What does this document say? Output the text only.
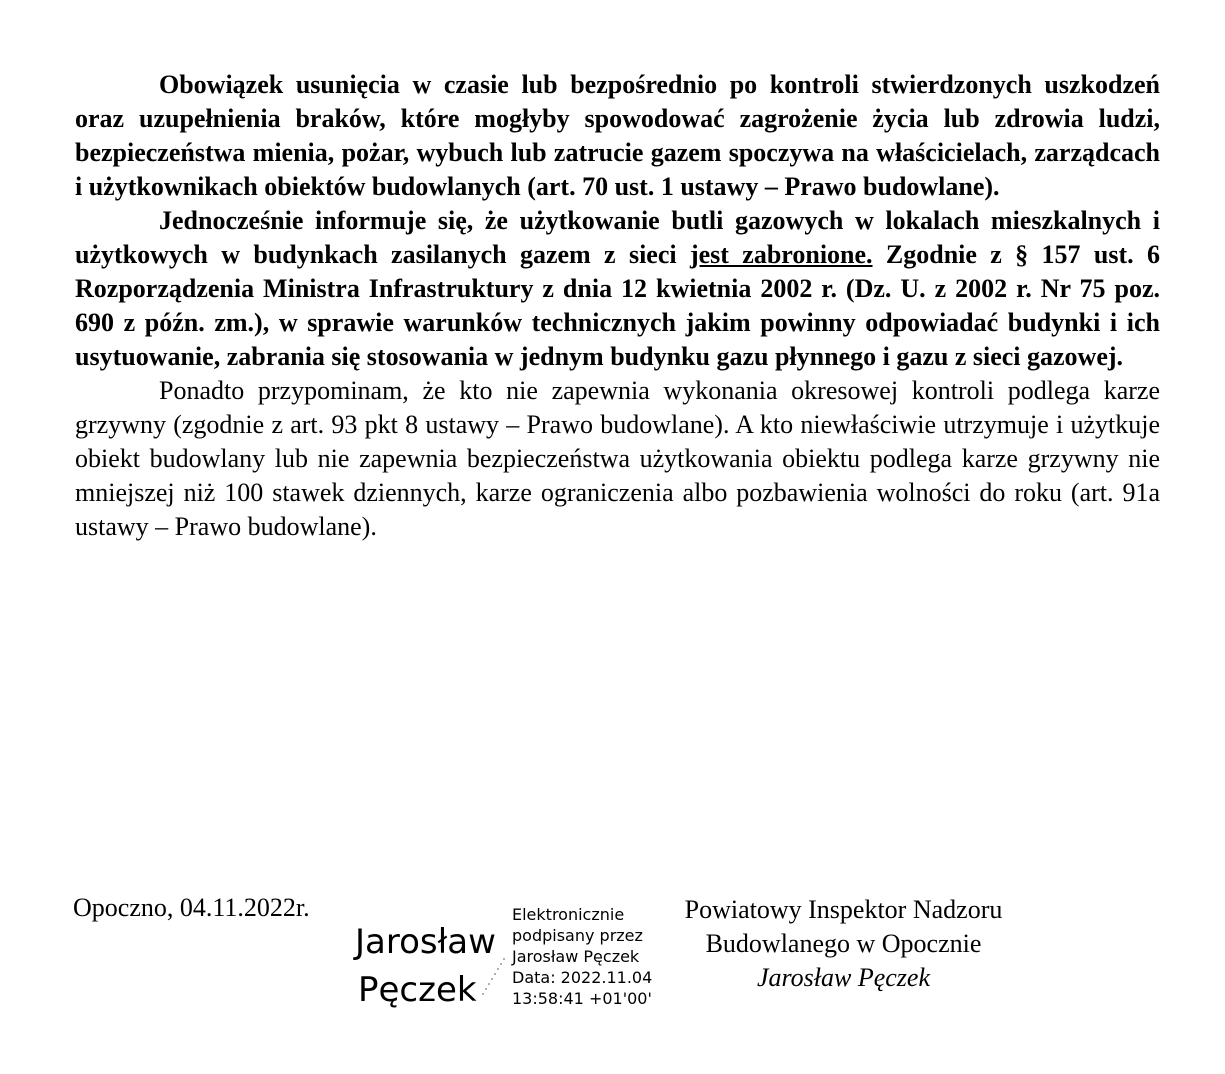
Obowiązek usunięcia w czasie lub bezpośrednio po kontroli stwierdzonych uszkodzeń oraz uzupełnienia braków, które mogłyby spowodować zagrożenie życia lub zdrowia ludzi, bezpieczeństwa mienia, pożar, wybuch lub zatrucie gazem spoczywa na właścicielach, zarządcach i użytkownikach obiektów budowlanych (art. 70 ust. 1 ustawy – Prawo budowlane).

Jednocześnie informuje się, że użytkowanie butli gazowych w lokalach mieszkalnych i użytkowych w budynkach zasilanych gazem z sieci jest zabronione. Zgodnie z § 157 ust. 6 Rozporządzenia Ministra Infrastruktury z dnia 12 kwietnia 2002 r. (Dz. U. z 2002 r. Nr 75 poz. 690 z późn. zm.), w sprawie warunków technicznych jakim powinny odpowiadać budynki i ich usytuowanie, zabrania się stosowania w jednym budynku gazu płynnego i gazu z sieci gazowej.

Ponadto przypominam, że kto nie zapewnia wykonania okresowej kontroli podlega karze grzywny (zgodnie z art. 93 pkt 8 ustawy – Prawo budowlane). A kto niewłaściwie utrzymuje i użytkuje obiekt budowlany lub nie zapewnia bezpieczeństwa użytkowania obiektu podlega karze grzywny nie mniejszej niż 100 stawek dziennych, karze ograniczenia albo pozbawienia wolności do roku (art. 91a ustawy – Prawo budowlane).

Opoczno, 04.11.2022r.
Jarosław
Pęczek
Elektronicznie
podpisany przez
Jarosław Pęczek
Data: 2022.11.04
13:58:41 +01'00'
Powiatowy Inspektor Nadzoru
Budowlanego w Opocznie
Jarosław Pęczek
